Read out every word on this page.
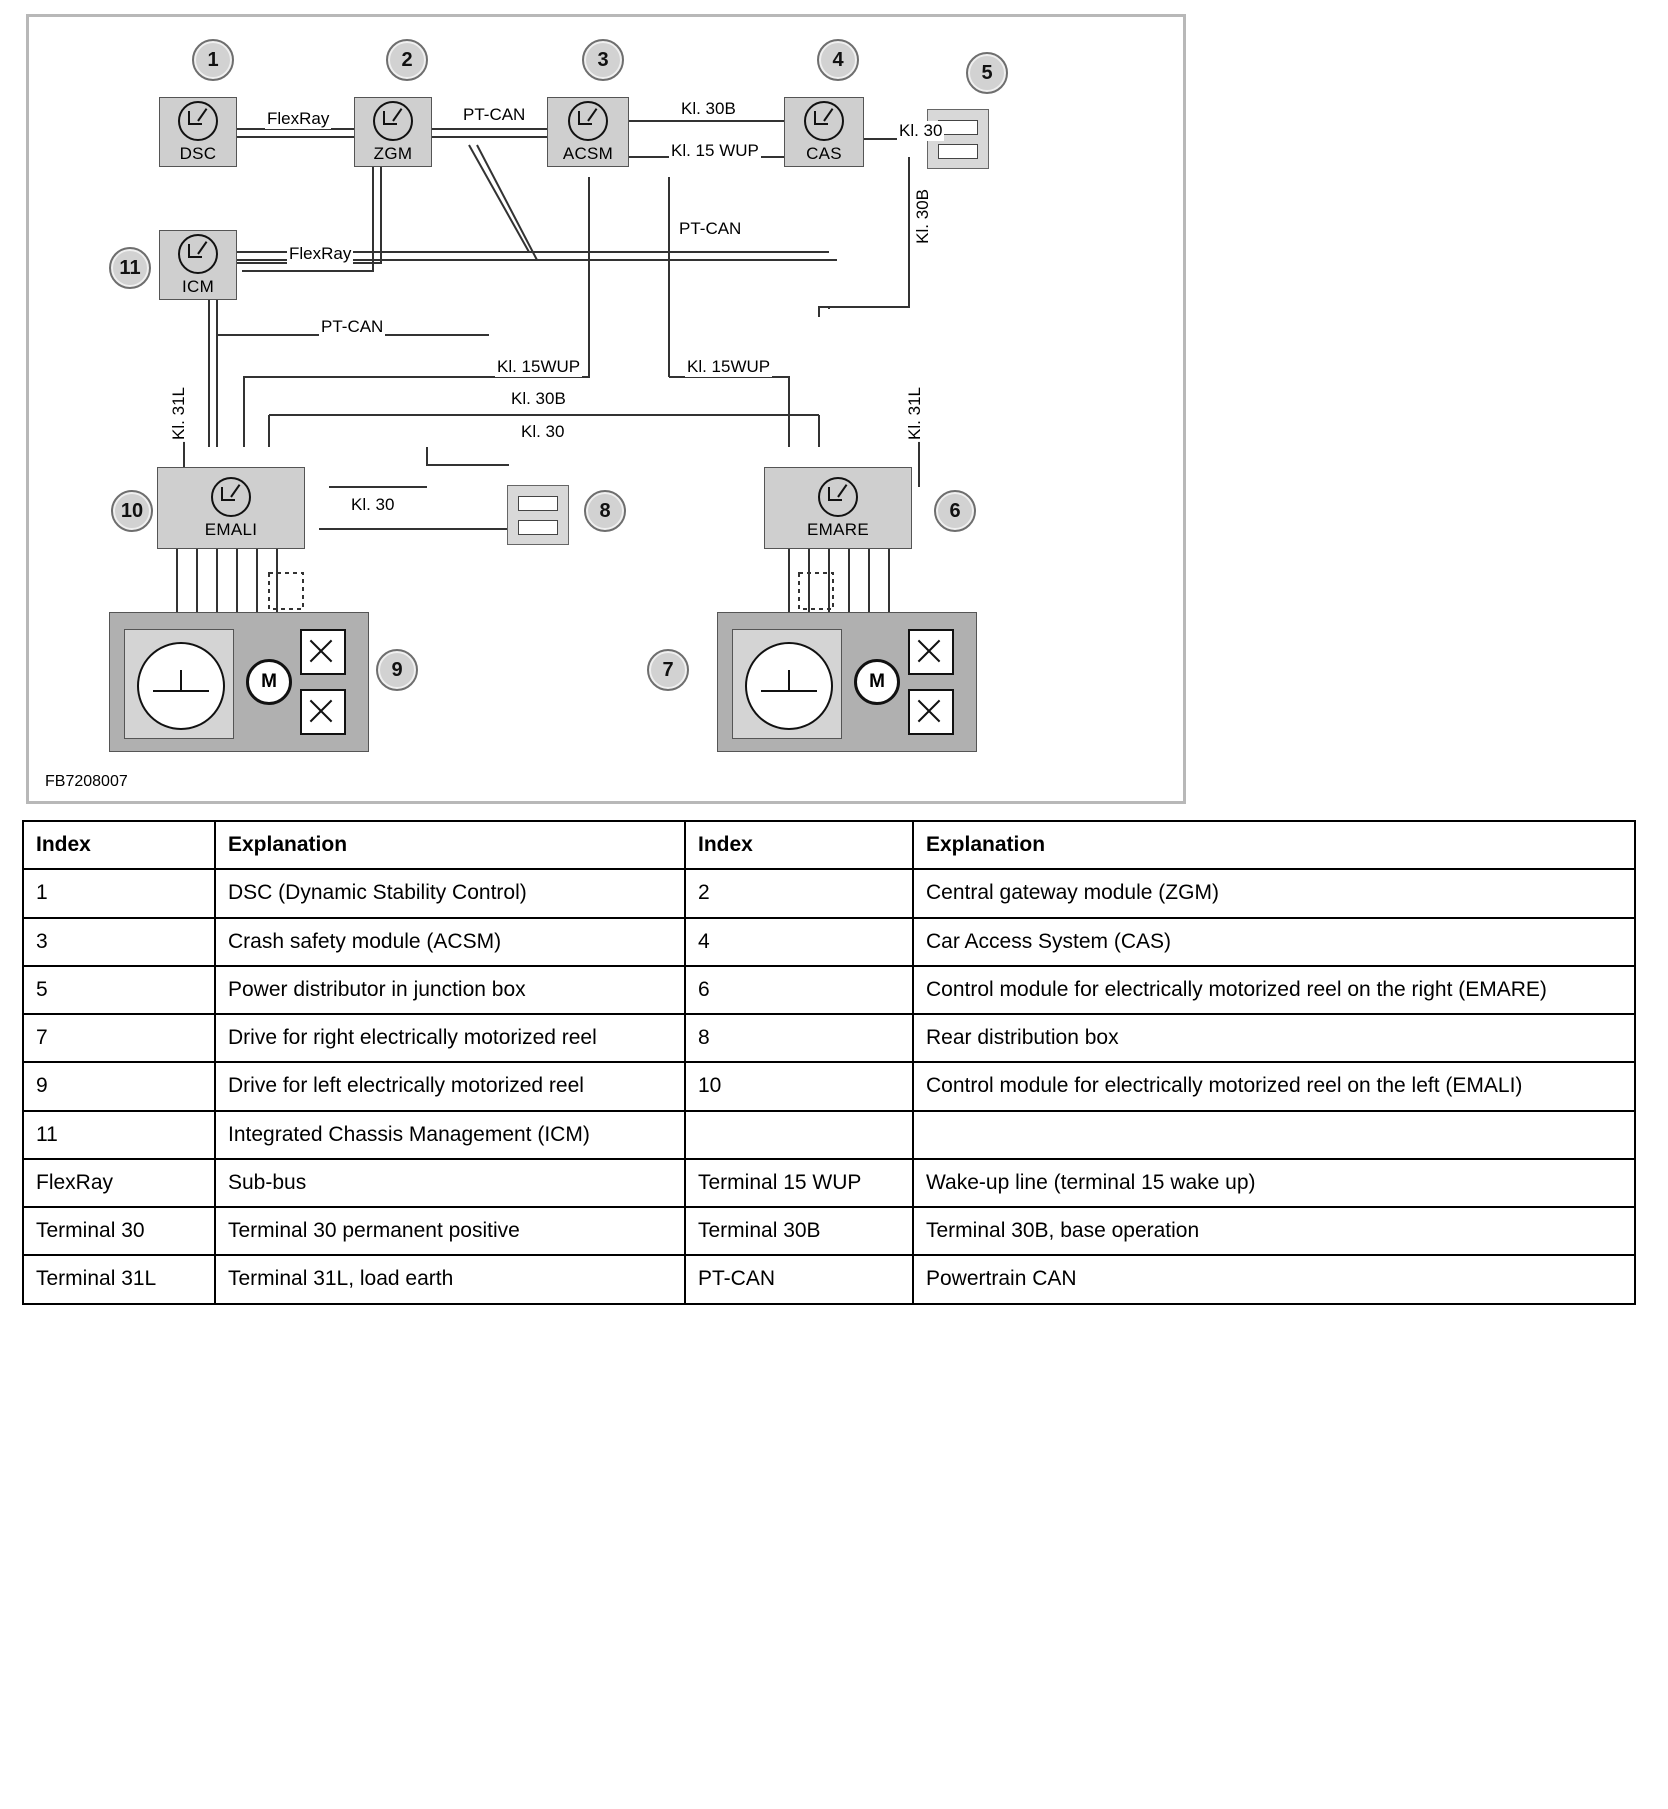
1	2	3	4
5
11
10	8	6
9	7
DSC	ZGM	ACSM	CAS
ICM
EMALI	EMARE
M	M
FlexRay	PT-CAN	Kl. 30B
Kl. 30
Kl. 15 WUP
FlexRay
PT-CAN	Kl. 30B
PT-CAN
Kl. 15WUP	Kl. 15WUP
Kl. 30B
Kl. 30
Kl. 31L	Kl. 31L
Kl. 30
FB7208007
Index	Explanation	Index	Explanation
1	DSC (Dynamic Stability Control)	2	Central gateway module (ZGM)
3	Crash safety module (ACSM)	4	Car Access System (CAS)
5	Power distributor in junction box	6	Control module for electrically motorized reel on the right (EMARE)
7	Drive for right electrically motorized reel	8	Rear distribution box
9	Drive for left electrically motorized reel	10	Control module for electrically motorized reel on the left (EMALI)
11	Integrated Chassis Management (ICM)		
FlexRay	Sub-bus	Terminal 15 WUP	Wake-up line (terminal 15 wake up)
Terminal 30	Terminal 30 permanent positive	Terminal 30B	Terminal 30B, base operation
Terminal 31L	Terminal 31L, load earth	PT-CAN	Powertrain CAN
